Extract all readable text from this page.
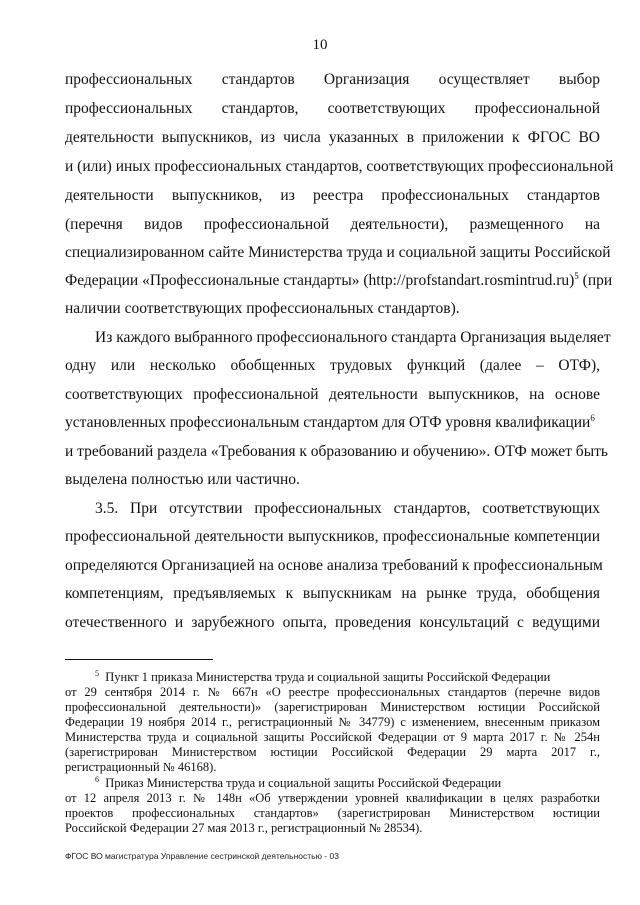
10
профессиональных стандартов Организация осуществляет выбор
профессиональных стандартов, соответствующих профессиональной
деятельности выпускников, из числа указанных в приложении к ФГОС ВО
и (или) иных профессиональных стандартов, соответствующих профессиональной
деятельности выпускников, из реестра профессиональных стандартов
(перечня видов профессиональной деятельности), размещенного на
специализированном сайте Министерства труда и социальной защиты Российской
Федерации «Профессиональные стандарты» (http://profstandart.rosmintrud.ru)$^5$ (при
наличии соответствующих профессиональных стандартов).
Из каждого выбранного профессионального стандарта Организация выделяет
одну или несколько обобщенных трудовых функций (далее – ОТФ),
соответствующих профессиональной деятельности выпускников, на основе
установленных профессиональным стандартом для ОТФ уровня квалификации$^6$
и требований раздела «Требования к образованию и обучению». ОТФ может быть
выделена полностью или частично.
3.5. При отсутствии профессиональных стандартов, соответствующих
профессиональной деятельности выпускников, профессиональные компетенции
определяются Организацией на основе анализа требований к профессиональным
компетенциям, предъявляемых к выпускникам на рынке труда, обобщения
отечественного и зарубежного опыта, проведения консультаций с ведущими
$^5$ Пункт 1 приказа Министерства труда и социальной защиты Российской Федерации
от 29 сентября 2014 г. № 667н «О реестре профессиональных стандартов (перечне видов
профессиональной деятельности)» (зарегистрирован Министерством юстиции Российской
Федерации 19 ноября 2014 г., регистрационный № 34779) с изменением, внесенным приказом
Министерства труда и социальной защиты Российской Федерации от 9 марта 2017 г. № 254н
(зарегистрирован Министерством юстиции Российской Федерации 29 марта 2017 г.,
регистрационный № 46168).
$^6$ Приказ Министерства труда и социальной защиты Российской Федерации
от 12 апреля 2013 г. № 148н «Об утверждении уровней квалификации в целях разработки
проектов профессиональных стандартов» (зарегистрирован Министерством юстиции
Российской Федерации 27 мая 2013 г., регистрационный № 28534).
ФГОС ВО магистратура Управление сестринской деятельностью - 03
